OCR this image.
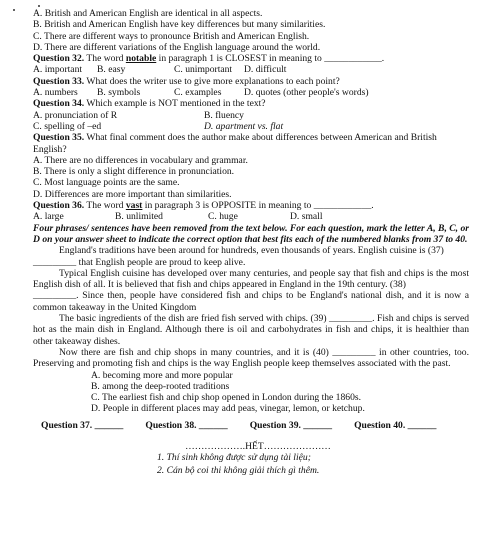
A. British and American English are identical in all aspects.
B. British and American English have key differences but many similarities.
C. There are different ways to pronounce British and American English.
D. There are different variations of the English language around the world.
Question 32. The word notable in paragraph 1 is CLOSEST in meaning to ____________.
A. important	B. easy	C. unimportant	D. difficult
Question 33. What does the writer use to give more explanations to each point?
A. numbers	B. symbols	C. examples	D. quotes (other people's words)
Question 34. Which example is NOT mentioned in the text?
A. pronunciation of R	B. fluency
C. spelling of –ed	D. apartment vs. flat
Question 35. What final comment does the author make about differences between American and British English?
A. There are no differences in vocabulary and grammar.
B. There is only a slight difference in pronunciation.
C. Most language points are the same.
D. Differences are more important than similarities.
Question 36. The word vast in paragraph 3 is OPPOSITE in meaning to ____________.
A. large	B. unlimited	C. huge	D. small
Four phrases/ sentences have been removed from the text below. For each question, mark the letter A, B, C, or D on your answer sheet to indicate the correct option that best fits each of the numbered blanks from 37 to 40.
England's traditions have been around for hundreds, even thousands of years. English cuisine is (37)
_________ that English people are proud to keep alive.
Typical English cuisine has developed over many centuries, and people say that fish and chips is the most English dish of all. It is believed that fish and chips appeared in England in the 19th century. (38)
_________. Since then, people have considered fish and chips to be England's national dish, and it is now a common takeaway in the United Kingdom
The basic ingredients of the dish are fried fish served with chips. (39) _________. Fish and chips is served hot as the main dish in England. Although there is oil and carbohydrates in fish and chips, it is healthier than other takeaway dishes.
Now there are fish and chip shops in many countries, and it is (40) _________ in other countries, too. Preserving and promoting fish and chips is the way English people keep themselves associated with the past.
A. becoming more and more popular
B. among the deep-rooted traditions
C. The earliest fish and chip shop opened in London during the 1860s.
D. People in different places may add peas, vinegar, lemon, or ketchup.
Question 37. ______ Question 38. ______ Question 39. ______ Question 40. ______
……………….HẾT…………………
1. Thí sinh không được sử dụng tài liệu;
2. Cán bộ coi thi không giải thích gì thêm.
